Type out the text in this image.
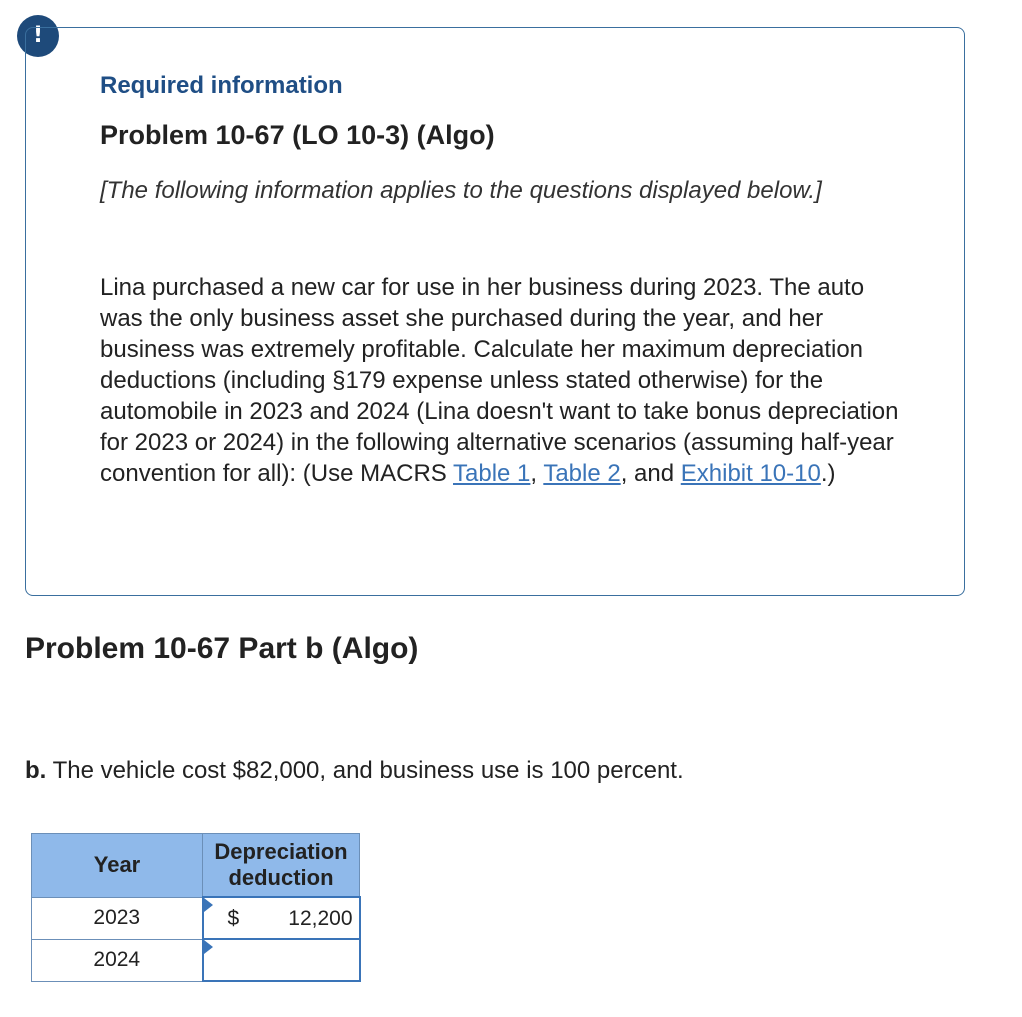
!
Required information
Problem 10-67 (LO 10-3) (Algo)

[The following information applies to the questions displayed below.]

Lina purchased a new car for use in her business during 2023. The auto was the only business asset she purchased during the year, and her business was extremely profitable. Calculate her maximum depreciation deductions (including §179 expense unless stated otherwise) for the automobile in 2023 and 2024 (Lina doesn't want to take bonus depreciation for 2023 or 2024) in the following alternative scenarios (assuming half-year convention for all): (Use MACRS Table 1, Table 2, and Exhibit 10-10.)

Problem 10-67 Part b (Algo)

b. The vehicle cost $82,000, and business use is 100 percent.

Year	Depreciation deduction
2023	$ 12,200

2024	
